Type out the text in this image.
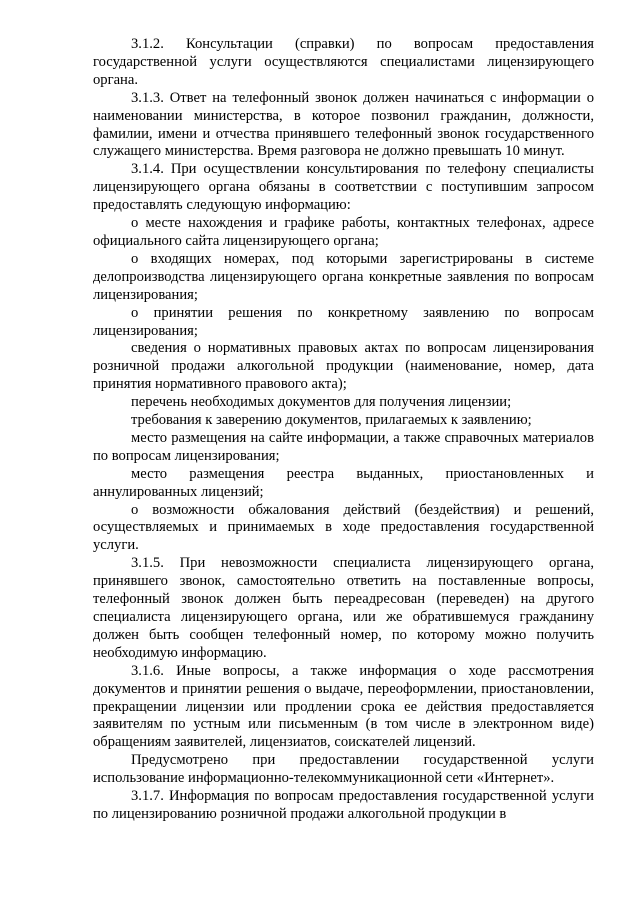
3.1.2. Консультации (справки) по вопросам предоставления государственной услуги осуществляются специалистами лицензирующего органа.

3.1.3. Ответ на телефонный звонок должен начинаться с информации о наименовании министерства, в которое позвонил гражданин, должности, фамилии, имени и отчества принявшего телефонный звонок государственного служащего министерства. Время разговора не должно превышать 10 минут.

3.1.4. При осуществлении консультирования по телефону специалисты лицензирующего органа обязаны в соответствии с поступившим запросом предоставлять следующую информацию:

о месте нахождения и графике работы, контактных телефонах, адресе официального сайта лицензирующего органа;

о входящих номерах, под которыми зарегистрированы в системе делопроизводства лицензирующего органа конкретные заявления по вопросам лицензирования;

о принятии решения по конкретному заявлению по вопросам лицензирования;

сведения о нормативных правовых актах по вопросам лицензирования розничной продажи алкогольной продукции (наименование, номер, дата принятия нормативного правового акта);

перечень необходимых документов для получения лицензии;

требования к заверению документов, прилагаемых к заявлению;

место размещения на сайте информации, а также справочных материалов по вопросам лицензирования;

место размещения реестра выданных, приостановленных и аннулированных лицензий;

о возможности обжалования действий (бездействия) и решений, осуществляемых и принимаемых в ходе предоставления государственной услуги.

3.1.5. При невозможности специалиста лицензирующего органа, принявшего звонок, самостоятельно ответить на поставленные вопросы, телефонный звонок должен быть переадресован (переведен) на другого специалиста лицензирующего органа, или же обратившемуся гражданину должен быть сообщен телефонный номер, по которому можно получить необходимую информацию.

3.1.6. Иные вопросы, а также информация о ходе рассмотрения документов и принятии решения о выдаче, переоформлении, приостановлении, прекращении лицензии или продлении срока ее действия предоставляется заявителям по устным или письменным (в том числе в электронном виде) обращениям заявителей, лицензиатов, соискателей лицензий.

Предусмотрено при предоставлении государственной услуги использование информационно-телекоммуникационной сети «Интернет».

3.1.7. Информация по вопросам предоставления государственной услуги по лицензированию розничной продажи алкогольной продукции в
